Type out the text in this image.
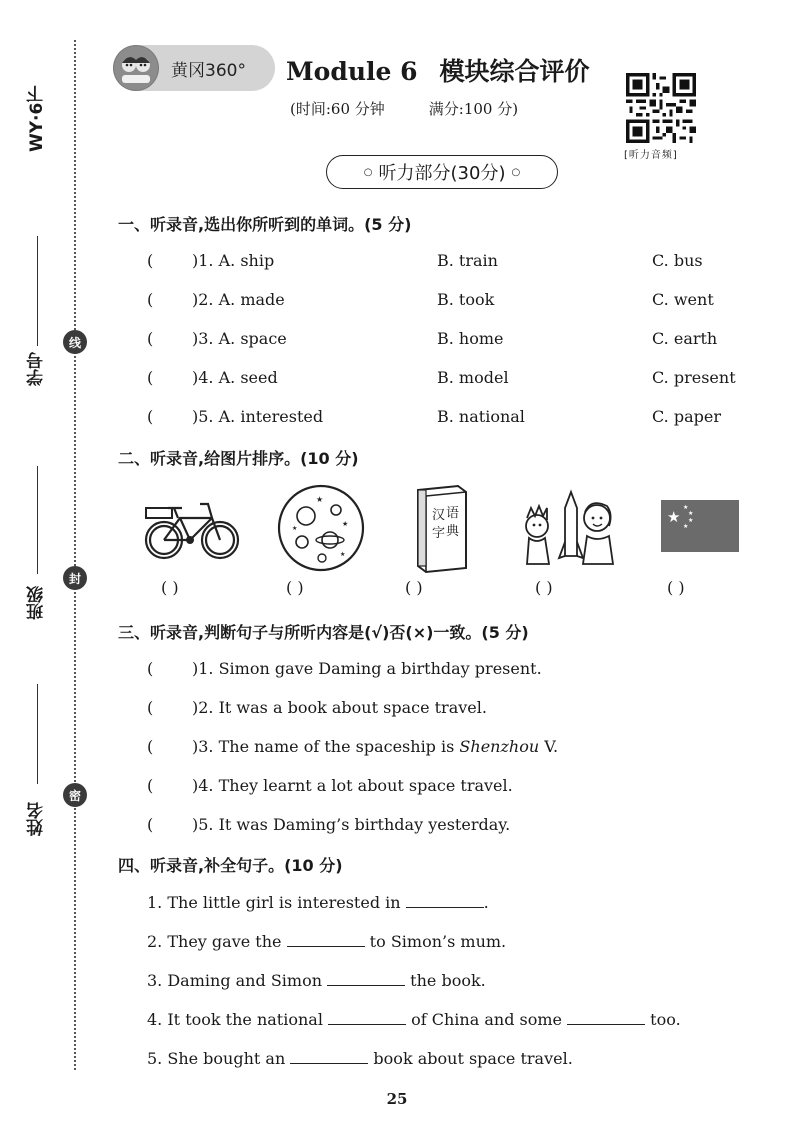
WY·6下
学号
班级
姓名
线
封
密
黄冈360° Module 6 模块综合评价
(时间:60 分钟	满分:100 分)
[听力音频]
○ 听力部分(30分) ○
一、听录音,选出你所听到的单词。(5 分)
( )1. A. ship	B. train	C. bus
( )2. A. made	B. took	C. went
( )3. A. space	B. home	C. earth
( )4. A. seed	B. model	C. present
( )5. A. interested	B. national	C. paper
二、听录音,给图片排序。(10 分)
★
★
★
★
汉 语
字 典
★
★
★
★
★
( )	( )	( )	( )	( )
三、听录音,判断句子与所听内容是(√)否(×)一致。(5 分)
( )1. Simon gave Daming a birthday present.
( )2. It was a book about space travel.
( )3. The name of the spaceship is Shenzhou V.
( )4. They learnt a lot about space travel.
( )5. It was Daming’s birthday yesterday.
四、听录音,补全句子。(10 分)
1. The little girl is interested in	.
2. They gave the	to Simon’s mum.
3. Daming and Simon	the book.
4. It took the national	of China and some	too.
5. She bought an	book about space travel.
25
